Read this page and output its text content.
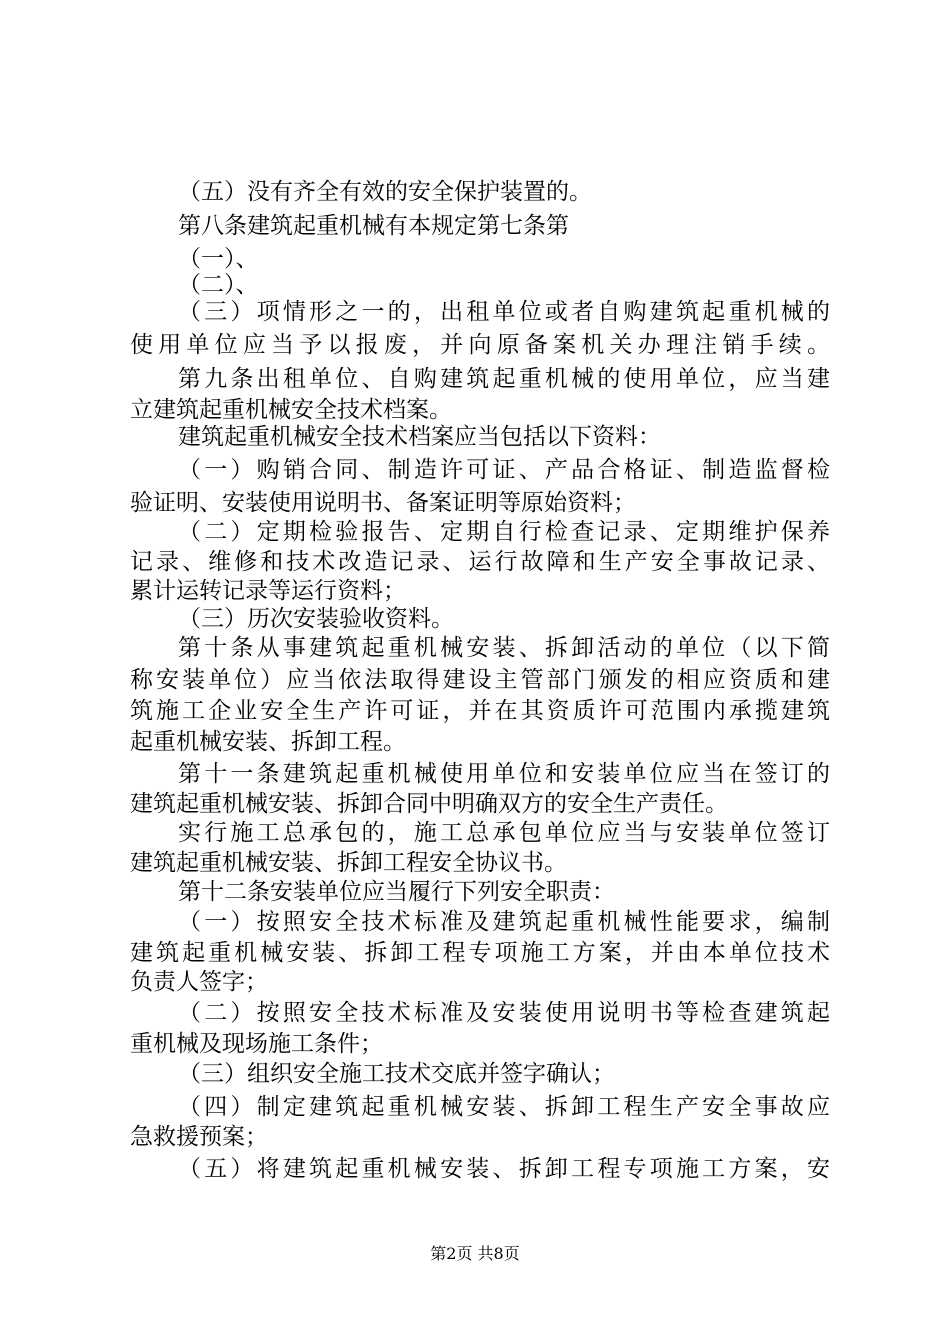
（五）没有齐全有效的安全保护装置的。
第八条建筑起重机械有本规定第七条第
（一）、
（二）、
（三）项情形之一的，出租单位或者自购建筑起重机械的
使用单位应当予以报废，并向原备案机关办理注销手续。
第九条出租单位、自购建筑起重机械的使用单位，应当建
立建筑起重机械安全技术档案。
建筑起重机械安全技术档案应当包括以下资料：
（一）购销合同、制造许可证、产品合格证、制造监督检
验证明、安装使用说明书、备案证明等原始资料；
（二）定期检验报告、定期自行检查记录、定期维护保养
记录、维修和技术改造记录、运行故障和生产安全事故记录、
累计运转记录等运行资料；
（三）历次安装验收资料。
第十条从事建筑起重机械安装、拆卸活动的单位（以下简
称安装单位）应当依法取得建设主管部门颁发的相应资质和建
筑施工企业安全生产许可证，并在其资质许可范围内承揽建筑
起重机械安装、拆卸工程。
第十一条建筑起重机械使用单位和安装单位应当在签订的
建筑起重机械安装、拆卸合同中明确双方的安全生产责任。
实行施工总承包的，施工总承包单位应当与安装单位签订
建筑起重机械安装、拆卸工程安全协议书。
第十二条安装单位应当履行下列安全职责：
（一）按照安全技术标准及建筑起重机械性能要求，编制
建筑起重机械安装、拆卸工程专项施工方案，并由本单位技术
负责人签字；
（二）按照安全技术标准及安装使用说明书等检查建筑起
重机械及现场施工条件；
（三）组织安全施工技术交底并签字确认；
（四）制定建筑起重机械安装、拆卸工程生产安全事故应
急救援预案；
（五）将建筑起重机械安装、拆卸工程专项施工方案，安
第2页 共8页
